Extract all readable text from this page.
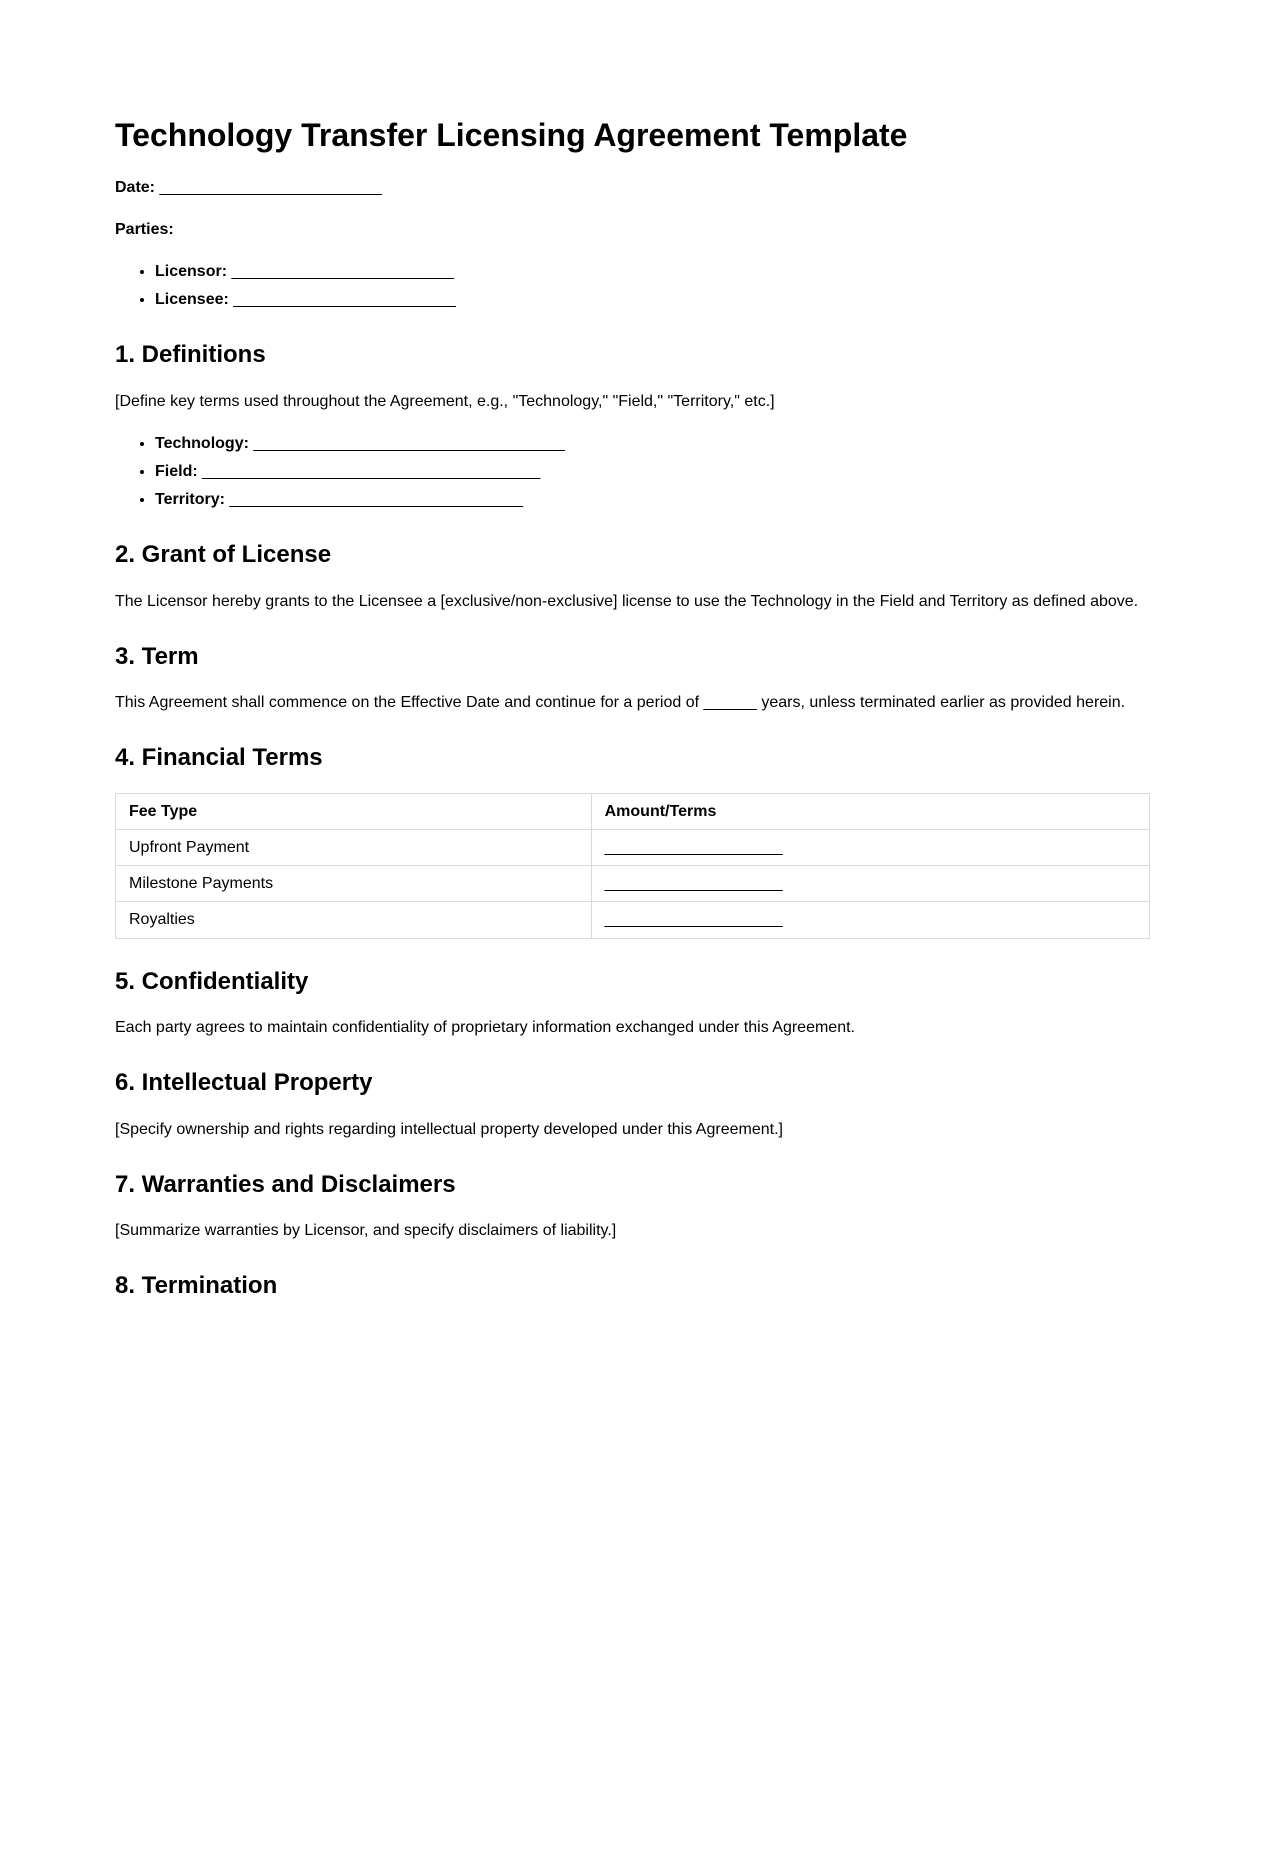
Technology Transfer Licensing Agreement Template

Date: _________________________

Parties:

• Licensor: _________________________
• Licensee: _________________________
1. Definitions

[Define key terms used throughout the Agreement, e.g., "Technology," "Field," "Territory," etc.]

• Technology: ___________________________________
• Field: ______________________________________
• Territory: _________________________________
2. Grant of License

The Licensor hereby grants to the Licensee a [exclusive/non-exclusive] license to use the Technology in the Field and Territory as defined above.

3. Term

This Agreement shall commence on the Effective Date and continue for a period of ______ years, unless terminated earlier as provided herein.

4. Financial Terms
Fee Type	Amount/Terms
Upfront Payment	____________________
Milestone Payments	____________________
Royalties	____________________
5. Confidentiality

Each party agrees to maintain confidentiality of proprietary information exchanged under this Agreement.

6. Intellectual Property

[Specify ownership and rights regarding intellectual property developed under this Agreement.]

7. Warranties and Disclaimers

[Summarize warranties by Licensor, and specify disclaimers of liability.]

8. Termination
